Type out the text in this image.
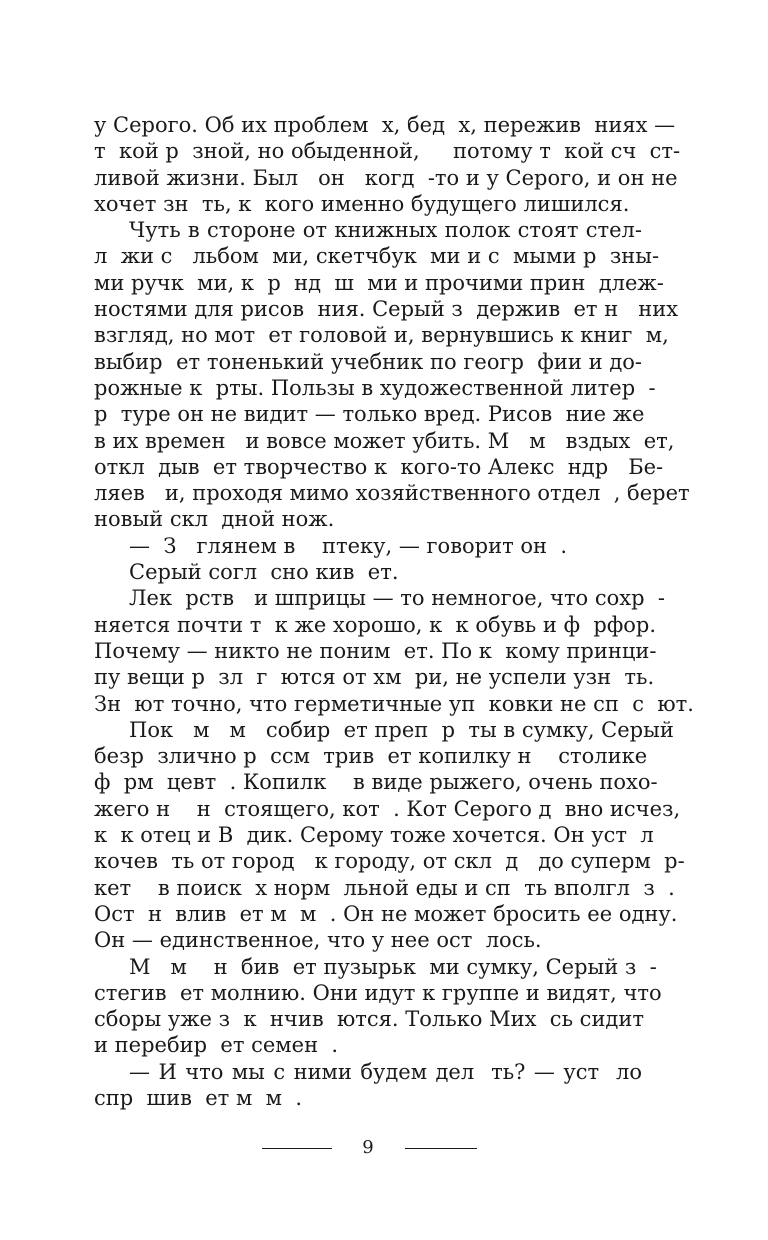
у Серого. Об их проблем  х, бед  х, пережив  ниях —
т  кой р  зной, но обыденной,     потому т  кой сч  ст-
ливой жизни. Был   он   когд  -то и у Серого, и он не
хочет зн  ть, к  кого именно будущего лишился.
Чуть в стороне от книжных полок стоят стел-
л  жи с   льбом  ми, скетчбук  ми и с  мыми р  зны-
ми ручк  ми, к  р  нд  ш  ми и прочими прин  длеж-
ностями для рисов  ния. Серый з  держив  ет н   них
взгляд, но мот  ет головой и, вернувшись к книг  м,
выбир  ет тоненький учебник по геогр  фии и до-
рожные к  рты. Пользы в художественной литер  -
р  туре он не видит — только вред. Рисов  ние же
в их времен   и вовсе может убить. М   м   вздых  ет,
откл  дыв  ет творчество к  кого-то Алекс  ндр   Бе-
ляев   и, проходя мимо хозяйственного отдел  , берет
новый скл  дной нож.
—  З   глянем в    птеку, — говорит он  .
Серый согл  сно кив  ет.
Лек  рств   и шприцы — то немногое, что сохр  -
няется почти т  к же хорошо, к  к обувь и ф  рфор.
Почему — никто не поним  ет. По к  кому принци-
пу вещи р  зл  г  ются от хм  ри, не успели узн  ть.
Зн  ют точно, что герметичные уп  ковки не сп  с  ют.
Пок   м   м   собир  ет преп  р  ты в сумку, Серый
безр  злично р  ссм  трив  ет копилку н    столике
ф  рм  цевт  . Копилк    в виде рыжего, очень похо-
жего н    н  стоящего, кот  . Кот Серого д  вно исчез,
к  к отец и В  дик. Серому тоже хочется. Он уст  л
кочев  ть от город   к городу, от скл  д   до суперм  р-
кет    в поиск  х норм  льной еды и сп  ть вполгл  з  .
Ост  н  влив  ет м  м  . Он не может бросить ее одну.
Он — единственное, что у нее ост  лось.
М   м    н  бив  ет пузырьк  ми сумку, Серый з  -
стегив  ет молнию. Они идут к группе и видят, что
сборы уже з  к  нчив  ются. Только Мих  сь сидит
и перебир  ет семен  .
— И что мы с ними будем дел  ть? — уст  ло
спр  шив  ет м  м  .
9
